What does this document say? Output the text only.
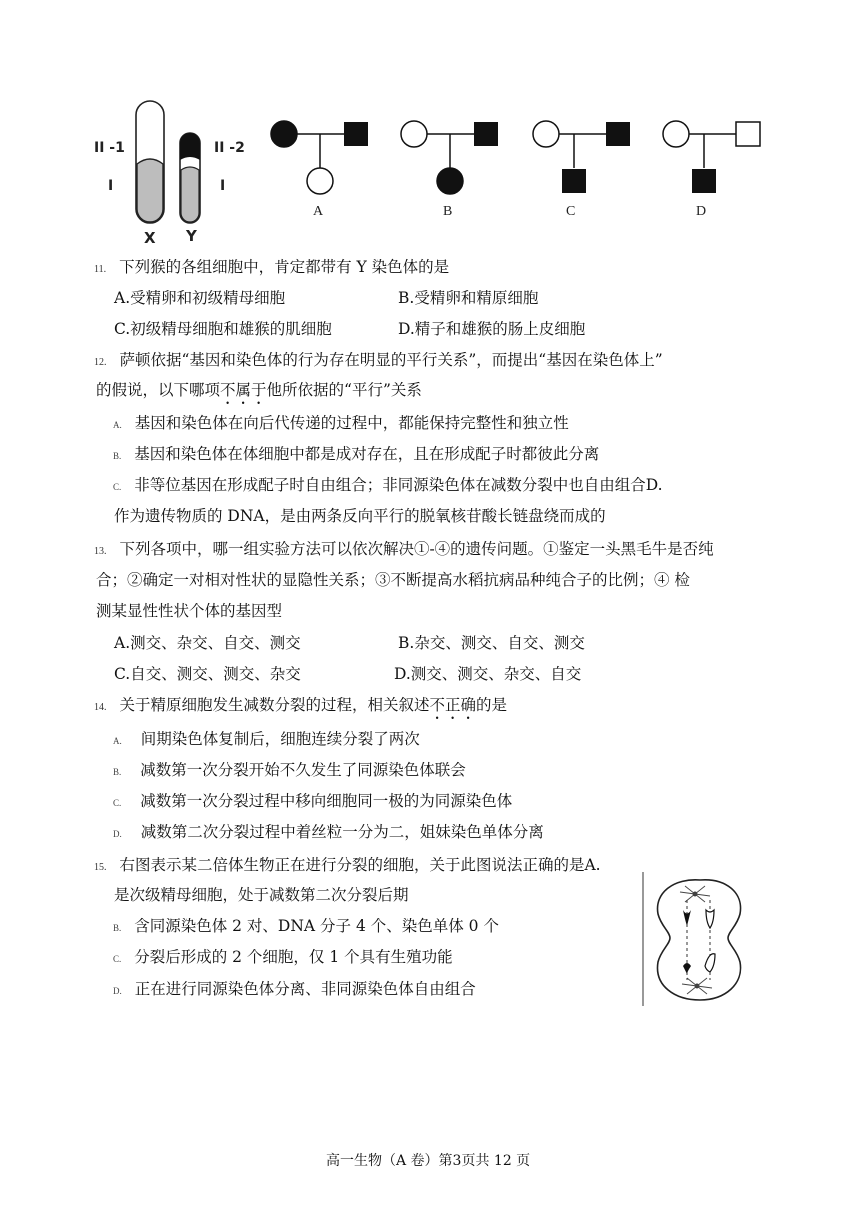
II -1	II -2
I	I
X Y
A	B	C	D
11. 下列猴的各组细胞中，肯定都带有 Y 染色体的是
A.受精卵和初级精母细胞	B.受精卵和精原细胞
C.初级精母细胞和雄猴的肌细胞	D.精子和雄猴的肠上皮细胞
12. 萨顿依据“基因和染色体的行为存在明显的平行关系”，而提出“基因在染色体上”
的假说，以下哪项不属于他所依据的“平行”关系
A. 基因和染色体在向后代传递的过程中，都能保持完整性和独立性
B. 基因和染色体在体细胞中都是成对存在，且在形成配子时都彼此分离
C. 非等位基因在形成配子时自由组合；非同源染色体在减数分裂中也自由组合D.
作为遗传物质的 DNA，是由两条反向平行的脱氧核苷酸长链盘绕而成的
13. 下列各项中，哪一组实验方法可以依次解决①-④的遗传问题。①鉴定一头黑毛牛是否纯
合；②确定一对相对性状的显隐性关系；③不断提高水稻抗病品种纯合子的比例；④ 检
测某显性性状个体的基因型
A.测交、杂交、自交、测交	B.杂交、测交、自交、测交
C.自交、测交、测交、杂交	D.测交、测交、杂交、自交
14. 关于精原细胞发生减数分裂的过程，相关叙述不正确的是
A. 间期染色体复制后，细胞连续分裂了两次
B. 减数第一次分裂开始不久发生了同源染色体联会
C. 减数第一次分裂过程中移向细胞同一极的为同源染色体
D. 减数第二次分裂过程中着丝粒一分为二，姐妹染色单体分离
15. 右图表示某二倍体生物正在进行分裂的细胞，关于此图说法正确的是A.
是次级精母细胞，处于减数第二次分裂后期
B. 含同源染色体 2 对、DNA 分子 4 个、染色单体 0 个
C. 分裂后形成的 2 个细胞，仅 1 个具有生殖功能
D. 正在进行同源染色体分离、非同源染色体自由组合
高一生物（A 卷）第3页共 12 页
